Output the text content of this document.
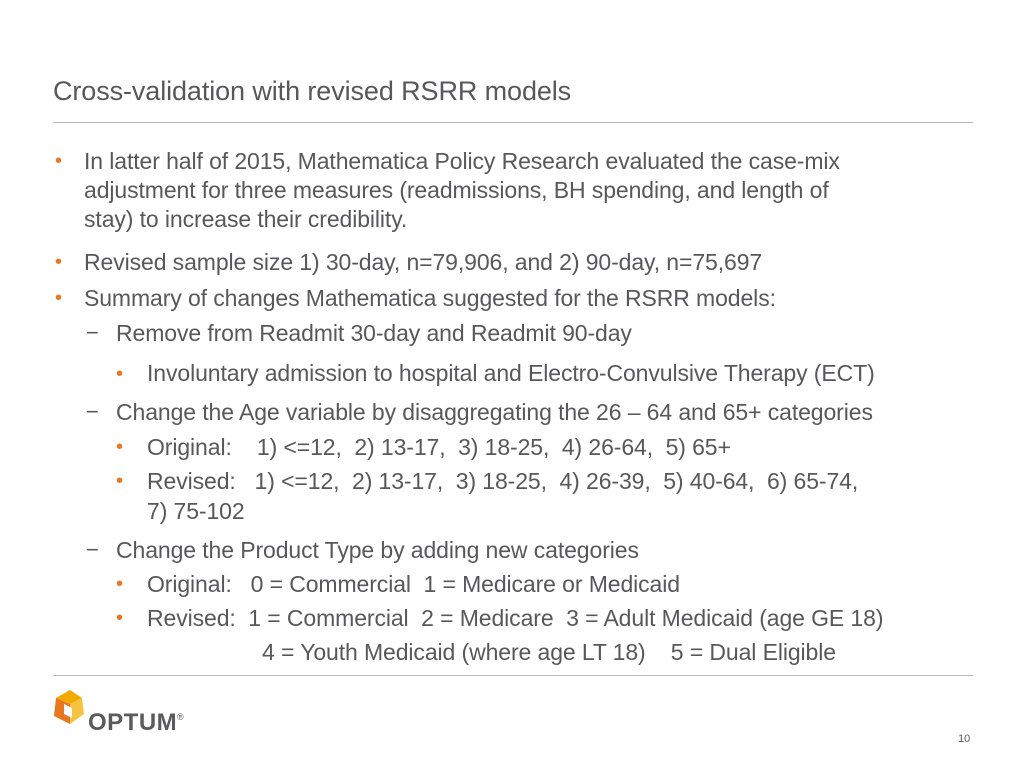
Cross-validation with revised RSRR models
• In latter half of 2015, Mathematica Policy Research evaluated the case-mix
adjustment for three measures (readmissions, BH spending, and length of
stay) to increase their credibility.
• Revised sample size 1) 30-day, n=79,906, and 2) 90-day, n=75,697
• Summary of changes Mathematica suggested for the RSRR models:
− Remove from Readmit 30-day and Readmit 90-day
• Involuntary admission to hospital and Electro-Convulsive Therapy (ECT)
− Change the Age variable by disaggregating the 26 – 64 and 65+ categories
• Original:    1) <=12,  2) 13-17,  3) 18-25,  4) 26-64,  5) 65+
• Revised:   1) <=12,  2) 13-17,  3) 18-25,  4) 26-39,  5) 40-64,  6) 65-74,
7) 75-102
− Change the Product Type by adding new categories
• Original:   0 = Commercial  1 = Medicare or Medicaid
• Revised:  1 = Commercial  2 = Medicare  3 = Adult Medicaid (age GE 18)
4 = Youth Medicaid (where age LT 18)    5 = Dual Eligible
OPTUM ®
10
